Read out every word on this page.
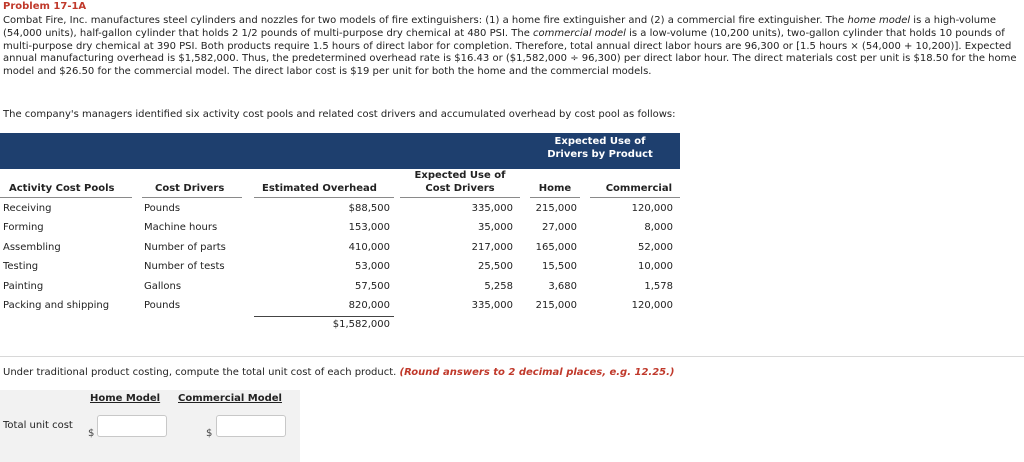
Problem 17-1A
Combat Fire, Inc. manufactures steel cylinders and nozzles for two models of fire extinguishers: (1) a home fire extinguisher and (2) a commercial fire extinguisher. The home model is a high-volume (54,000 units), half-gallon cylinder that holds 2 1/2 pounds of multi-purpose dry chemical at 480 PSI. The commercial model is a low-volume (10,200 units), two-gallon cylinder that holds 10 pounds of multi-purpose dry chemical at 390 PSI. Both products require 1.5 hours of direct labor for completion. Therefore, total annual direct labor hours are 96,300 or [1.5 hours × (54,000 + 10,200)]. Expected annual manufacturing overhead is $1,582,000. Thus, the predetermined overhead rate is $16.43 or ($1,582,000 ÷ 96,300) per direct labor hour. The direct materials cost per unit is $18.50 for the home model and $26.50 for the commercial model. The direct labor cost is $19 per unit for both the home and the commercial models.
The company's managers identified six activity cost pools and related cost drivers and accumulated overhead by cost pool as follows:
Expected Use of
Drivers by Product
Activity Cost Pools	Cost Drivers	Estimated Overhead
Expected Use of
Cost Drivers	Home	Commercial
Receiving	Pounds	$88,500	335,000	215,000	120,000
Forming	Machine hours	153,000	35,000	27,000	8,000
Assembling	Number of parts	410,000	217,000	165,000	52,000
Testing	Number of tests	53,000	25,500	15,500	10,000
Painting	Gallons	57,500	5,258	3,680	1,578
Packing and shipping	Pounds	820,000	335,000	215,000	120,000
$1,582,000
Under traditional product costing, compute the total unit cost of each product. (Round answers to 2 decimal places, e.g. 12.25.)
Home Model Commercial Model
Total unit cost
$	$
